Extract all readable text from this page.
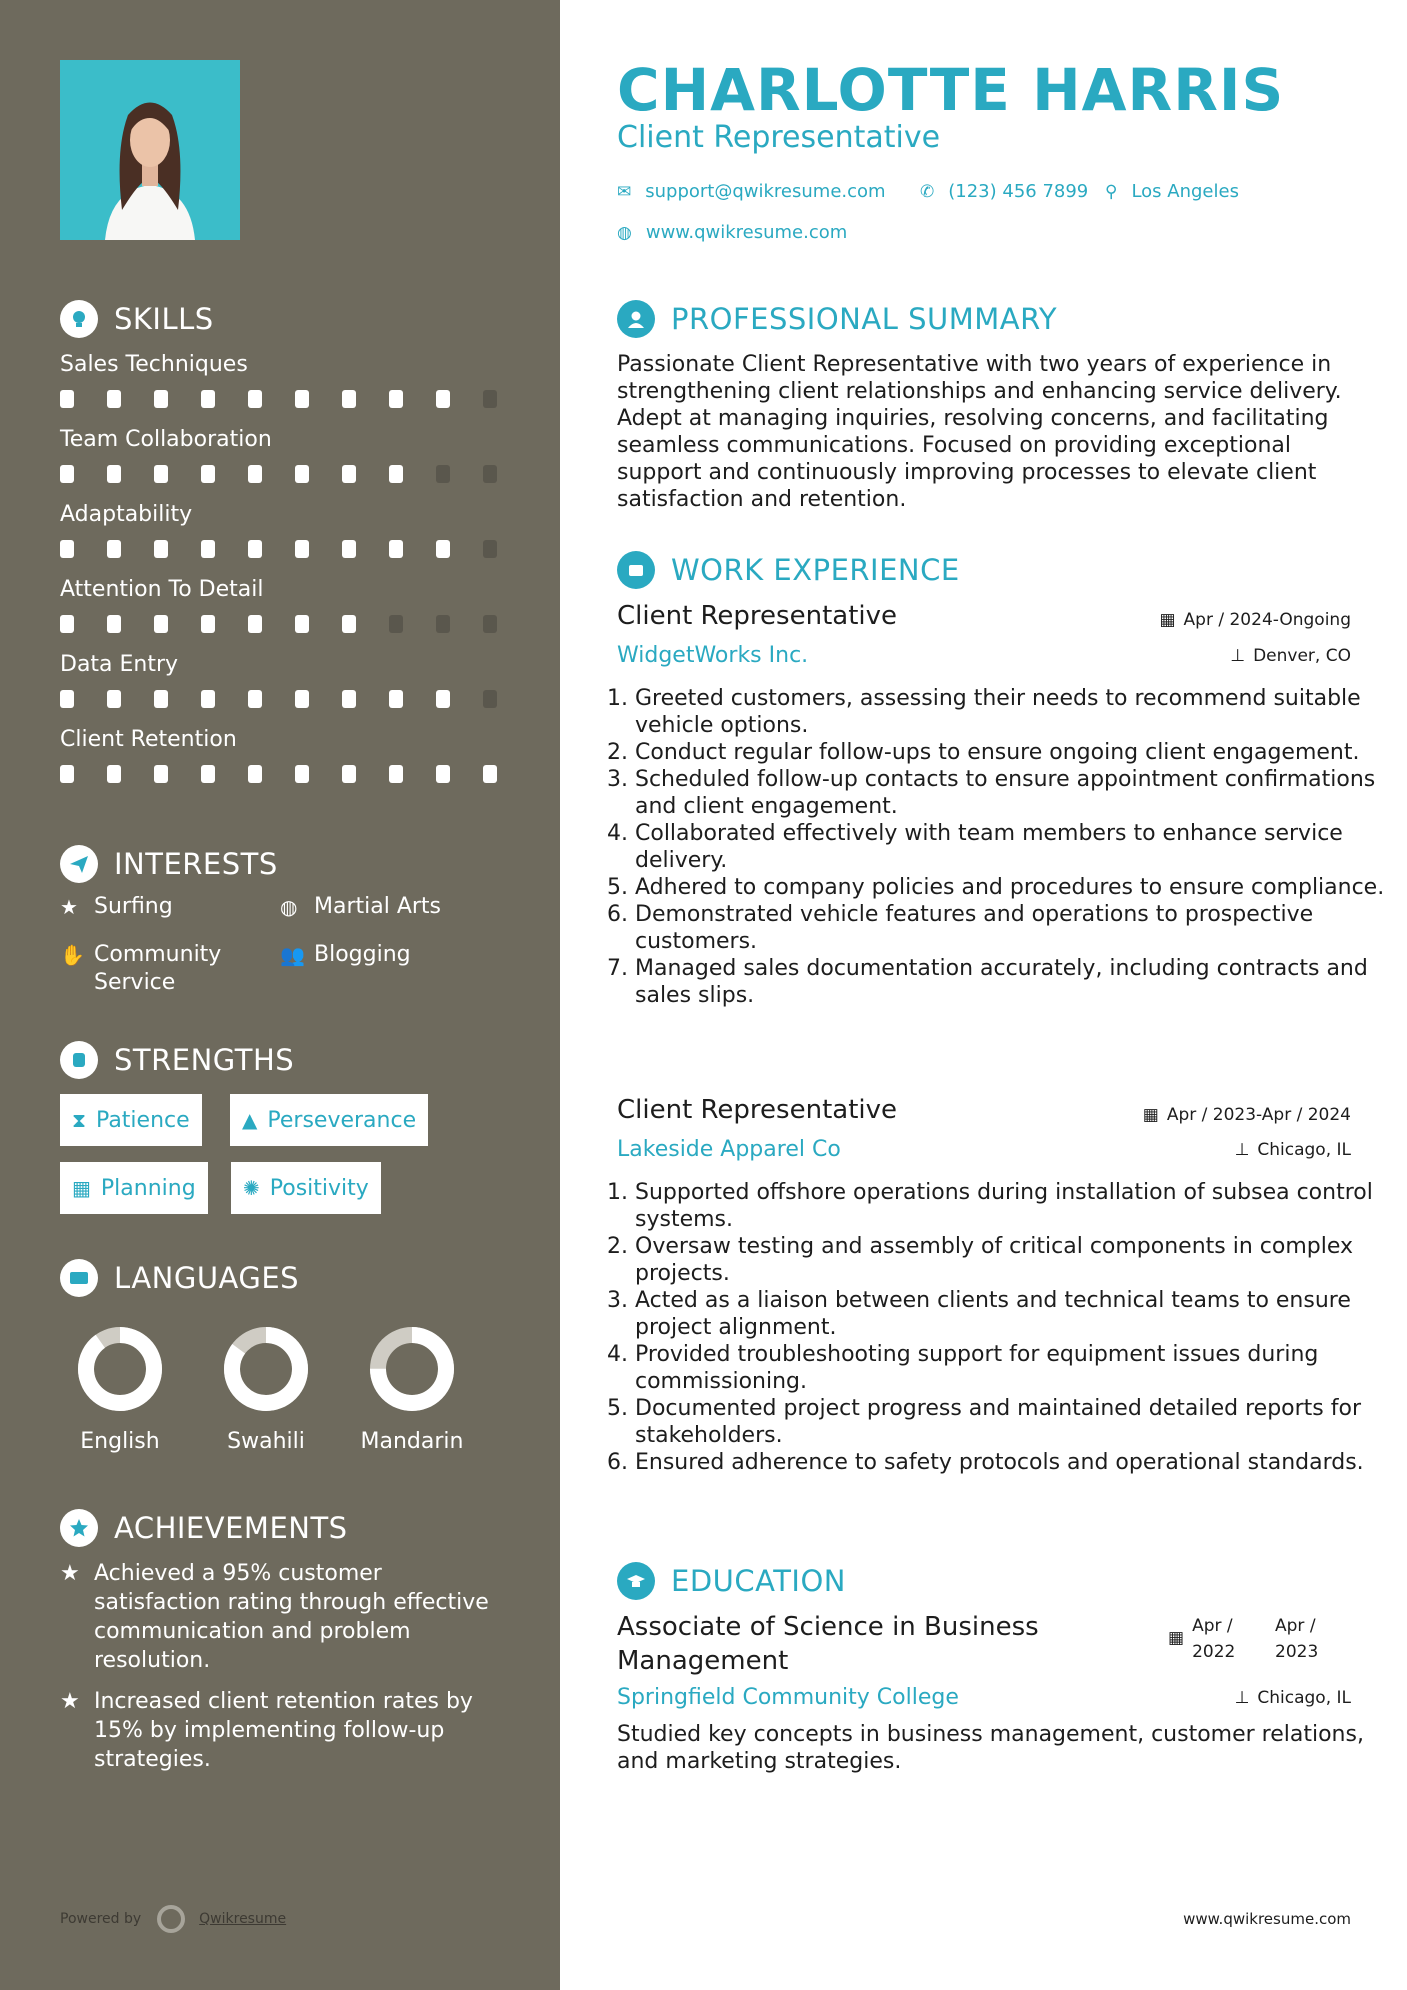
SKILLS
Sales Techniques
Team Collaboration
Adaptability
Attention To Detail
Data Entry
Client Retention
INTERESTS
★ Surfing	◍ Martial Arts
✋ Community Service
👥 Blogging
STRENGTHS
⧗ Patience	▲ Perseverance
▦ Planning ✺ Positivity
LANGUAGES
English	Swahili	Mandarin
ACHIEVEMENTS
★ Achieved a 95% customer satisfaction rating through effective communication and problem resolution.
★ Increased client retention rates by 15% by implementing follow-up strategies.
Powered by	Qwikresume
CHARLOTTE HARRIS
Client Representative
✉ support@qwikresume.com ✆ (123) 456 7899 ⚲ Los Angeles
◍ www.qwikresume.com
PROFESSIONAL SUMMARY
Passionate Client Representative with two years of experience in strengthening client relationships and enhancing service delivery. Adept at managing inquiries, resolving concerns, and facilitating seamless communications. Focused on providing exceptional support and continuously improving processes to elevate client satisfaction and retention.
WORK EXPERIENCE
Client Representative	▦ Apr / 2024-Ongoing
WidgetWorks Inc.	⊥ Denver, CO
1. Greeted customers, assessing their needs to recommend suitable vehicle options.
2. Conduct regular follow-ups to ensure ongoing client engagement.
3. Scheduled follow-up contacts to ensure appointment confirmations and client engagement.
4. Collaborated effectively with team members to enhance service delivery.
5. Adhered to company policies and procedures to ensure compliance.
6. Demonstrated vehicle features and operations to prospective customers.
7. Managed sales documentation accurately, including contracts and sales slips.
Client Representative	▦ Apr / 2023-Apr / 2024
Lakeside Apparel Co	⊥ Chicago, IL
1. Supported offshore operations during installation of subsea control systems.
2. Oversaw testing and assembly of critical components in complex projects.
3. Acted as a liaison between clients and technical teams to ensure project alignment.
4. Provided troubleshooting support for equipment issues during commissioning.
5. Documented project progress and maintained detailed reports for stakeholders.
6. Ensured adherence to safety protocols and operational standards.
EDUCATION
Associate of Science in Business Management
▦
Apr / 2022
Apr / 2023
Springfield Community College	⊥ Chicago, IL
Studied key concepts in business management, customer relations, and marketing strategies.
www.qwikresume.com
